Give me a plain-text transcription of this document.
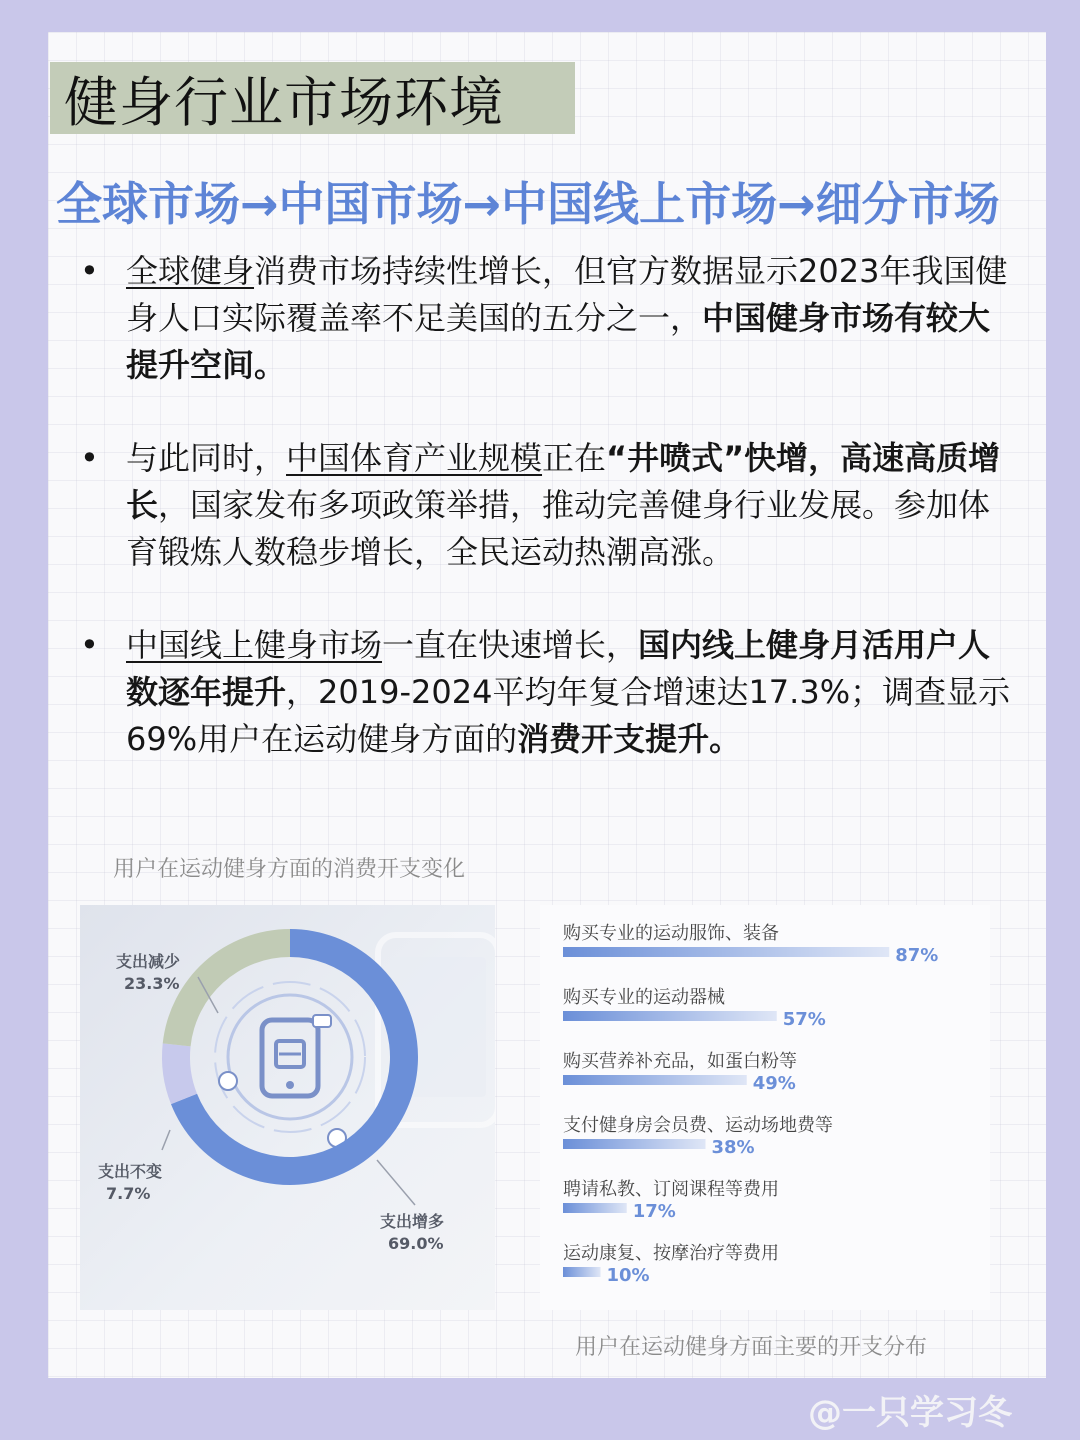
健身行业市场环境
全球市场→中国市场→中国线上市场→细分市场
• 全球健身消费市场持续性增长，但官方数据显示2023年我国健身人口实际覆盖率不足美国的五分之一，中国健身市场有较大提升空间。
• 与此同时，中国体育产业规模正在“井喷式”快增，高速高质增长，国家发布多项政策举措，推动完善健身行业发展。参加体育锻炼人数稳步增长，全民运动热潮高涨。
• 中国线上健身市场一直在快速增长，国内线上健身月活用户人数逐年提升，2019-2024平均年复合增速达17.3%；调查显示69%用户在运动健身方面的消费开支提升。
用户在运动健身方面的消费开支变化
支出增多
69.0%
支出不变
7.7%
支出减少
23.3%
购买专业的运动服饰、装备
87%
购买专业的运动器械
57%
购买营养补充品，如蛋白粉等
49%
支付健身房会员费、运动场地费等
38%
聘请私教、订阅课程等费用
17%
运动康复、按摩治疗等费用
10%
用户在运动健身方面主要的开支分布
@一只学习冬
